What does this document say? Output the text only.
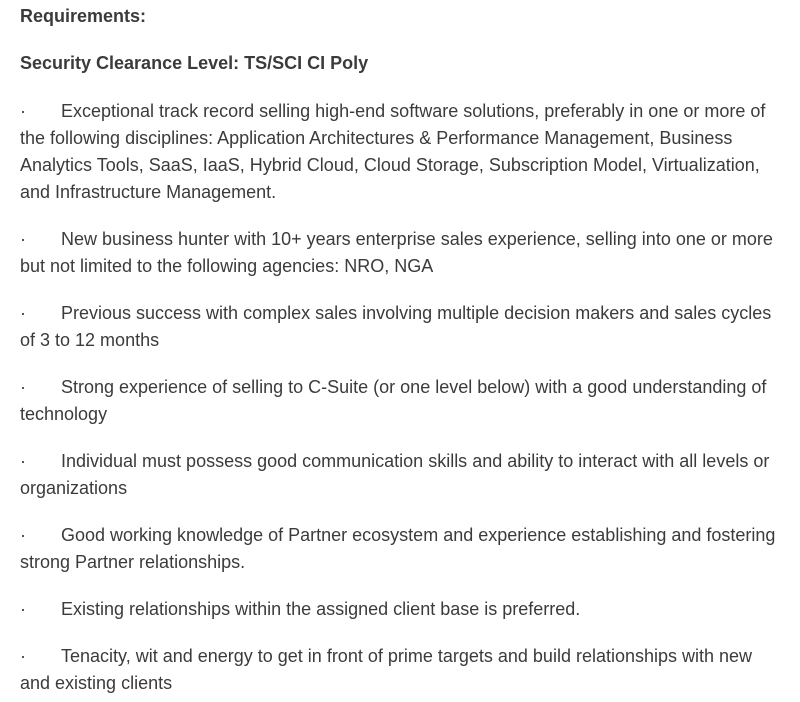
Requirements:

Security Clearance Level: TS/SCI CI Poly

· Exceptional track record selling high-end software solutions, preferably in one or more of the following disciplines: Application Architectures & Performance Management, Business Analytics Tools, SaaS, IaaS, Hybrid Cloud, Cloud Storage, Subscription Model, Virtualization, and Infrastructure Management.
· New business hunter with 10+ years enterprise sales experience, selling into one or more but not limited to the following agencies: NRO, NGA
· Previous success with complex sales involving multiple decision makers and sales cycles of 3 to 12 months
· Strong experience of selling to C-Suite (or one level below) with a good understanding of technology
· Individual must possess good communication skills and ability to interact with all levels or organizations
· Good working knowledge of Partner ecosystem and experience establishing and fostering strong Partner relationships.
· Existing relationships within the assigned client base is preferred.
· Tenacity, wit and energy to get in front of prime targets and build relationships with new and existing clients
